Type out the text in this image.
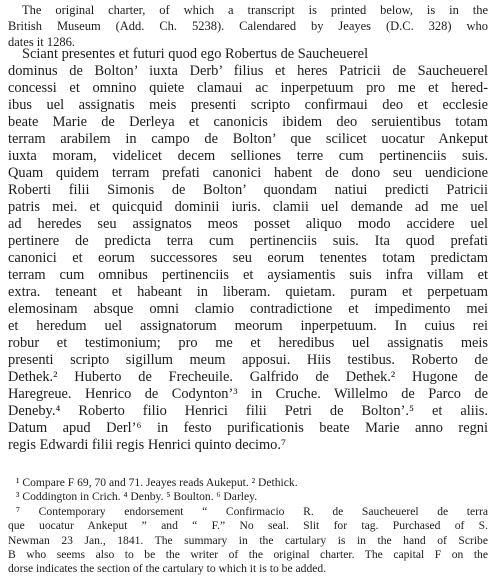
The original charter, of which a transcript is printed below, is in the
British Museum (Add. Ch. 5238). Calendared by Jeayes (D.C. 328) who
dates it 1286.
Sciant presentes et futuri quod ego Robertus de Saucheuerel
dominus de Bolton’ iuxta Derb’ filius et heres Patricii de Saucheuerel
concessi et omnino quiete clamaui ac inperpetuum pro me et hered-
ibus uel assignatis meis presenti scripto confirmaui deo et ecclesie
beate Marie de Derleya et canonicis ibidem deo seruientibus totam
terram arabilem in campo de Bolton’ que scilicet uocatur Ankeput
iuxta moram, videlicet decem selliones terre cum pertinenciis suis.
Quam quidem terram prefati canonici habent de dono seu uendicione
Roberti filii Simonis de Bolton’ quondam natiui predicti Patricii
patris mei. et quicquid dominii iuris. clamii uel demande ad me uel
ad heredes seu assignatos meos posset aliquo modo accidere uel
pertinere de predicta terra cum pertinenciis suis. Ita quod prefati
canonici et eorum successores seu eorum tenentes totam predictam
terram cum omnibus pertinenciis et aysiamentis suis infra villam et
extra. teneant et habeant in liberam. quietam. puram et perpetuam
elemosinam absque omni clamio contradictione et impedimento mei
et heredum uel assignatorum meorum inperpetuum. In cuius rei
robur et testimonium; pro me et heredibus uel assignatis meis
presenti scripto sigillum meum apposui. Hiis testibus. Roberto de
Dethek.² Huberto de Frecheuile. Galfrido de Dethek.² Hugone de
Haregreue. Henrico de Codynton’³ in Cruche. Willelmo de Parco de
Deneby.⁴ Roberto filio Henrici filii Petri de Bolton’.⁵ et aliis.
Datum apud Derl’⁶ in festo purificationis beate Marie anno regni
regis Edwardi filii regis Henrici quinto decimo.⁷
¹ Compare F 69, 70 and 71. Jeayes reads Aukeput. ² Dethick.
³ Coddington in Crich. ⁴ Denby. ⁵ Boulton. ⁶ Darley.
⁷ Contemporary endorsement “ Confirmacio R. de Saucheuerel de terra
que uocatur Ankeput ” and “ F.” No seal. Slit for tag. Purchased of S.
Newman 23 Jan., 1841. The summary in the cartulary is in the hand of Scribe
B who seems also to be the writer of the original charter. The capital F on the
dorse indicates the section of the cartulary to which it is to be added.
